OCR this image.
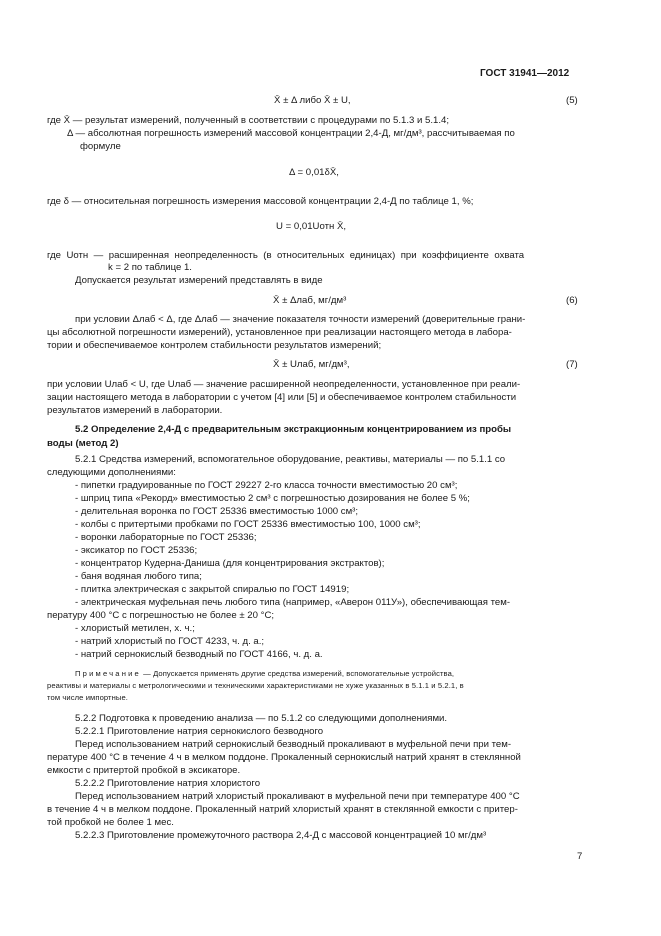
ГОСТ 31941—2012
X̄ ± Δ либо X̄ ± U,	(5)
где X̄ — результат измерений, полученный в соответствии с процедурами по 5.1.3 и 5.1.4;
Δ — абсолютная погрешность измерений массовой концентрации 2,4-Д, мг/дм³, рассчитываемая по
формуле
Δ = 0,01δX̄,
где δ — относительная погрешность измерения массовой концентрации 2,4-Д по таблице 1, %;
U = 0,01Uотн X̄,
где Uотн — расширенная неопределенность (в относительных единицах) при коэффициенте охвата
k = 2 по таблице 1.
Допускается результат измерений представлять в виде
X̄ ± Δлаб, мг/дм³	(6)
при условии Δлаб < Δ, где Δлаб — значение показателя точности измерений (доверительные грани-
цы абсолютной погрешности измерений), установленное при реализации настоящего метода в лабора-
тории и обеспечиваемое контролем стабильности результатов измерений;
X̄ ± Uлаб, мг/дм³,	(7)
при условии Uлаб < U, где Uлаб — значение расширенной неопределенности, установленное при реали-
зации настоящего метода в лаборатории с учетом [4] или [5] и обеспечиваемое контролем стабильности
результатов измерений в лаборатории.
5.2 Определение 2,4-Д с предварительным экстракционным концентрированием из пробы
воды (метод 2)
5.2.1 Средства измерений, вспомогательное оборудование, реактивы, материалы — по 5.1.1 со
следующими дополнениями:
- пипетки градуированные по ГОСТ 29227 2-го класса точности вместимостью 20 см³;
- шприц типа «Рекорд» вместимостью 2 см³ с погрешностью дозирования не более 5 %;
- делительная воронка по ГОСТ 25336 вместимостью 1000 см³;
- колбы с притертыми пробками по ГОСТ 25336 вместимостью 100, 1000 см³;
- воронки лабораторные по ГОСТ 25336;
- эксикатор по ГОСТ 25336;
- концентратор Кудерна-Даниша (для концентрирования экстрактов);
- баня водяная любого типа;
- плитка электрическая с закрытой спиралью по ГОСТ 14919;
- электрическая муфельная печь любого типа (например, «Аверон 011У»), обеспечивающая тем-
пературу 400 °С с погрешностью не более ± 20 °С;
- хлористый метилен, х. ч.;
- натрий хлористый по ГОСТ 4233, ч. д. а.;
- натрий сернокислый безводный по ГОСТ 4166, ч. д. а.
Примечание — Допускается применять другие средства измерений, вспомогательные устройства,
реактивы и материалы с метрологическими и техническими характеристиками не хуже указанных в 5.1.1 и 5.2.1, в
том числе импортные.
5.2.2 Подготовка к проведению анализа — по 5.1.2 со следующими дополнениями.
5.2.2.1 Приготовление натрия сернокислого безводного
Перед использованием натрий сернокислый безводный прокаливают в муфельной печи при тем-
пературе 400 °С в течение 4 ч в мелком поддоне. Прокаленный сернокислый натрий хранят в стеклянной
емкости с притертой пробкой в эксикаторе.
5.2.2.2 Приготовление натрия хлористого
Перед использованием натрий хлористый прокаливают в муфельной печи при температуре 400 °С
в течение 4 ч в мелком поддоне. Прокаленный натрий хлористый хранят в стеклянной емкости с притер-
той пробкой не более 1 мес.
5.2.2.3 Приготовление промежуточного раствора 2,4-Д с массовой концентрацией 10 мг/дм³
7
